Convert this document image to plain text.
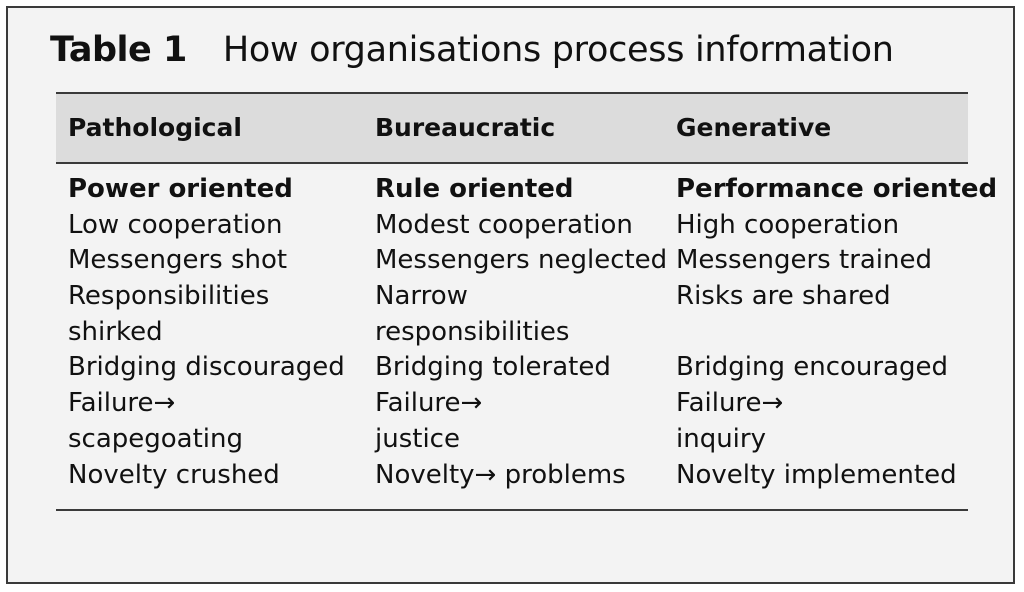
Table 1 How organisations process information
Pathological	Bureaucratic	Generative
Power oriented
Low cooperation
Messengers shot
Responsibilities
shirked
Bridging discouraged
Failure→
scapegoating
Novelty crushed
Rule oriented
Modest cooperation
Messengers neglected
Narrow
responsibilities
Bridging tolerated
Failure→
justice
Novelty→ problems
Performance oriented
High cooperation
Messengers trained
Risks are shared
Bridging encouraged
Failure→
inquiry
Novelty implemented
